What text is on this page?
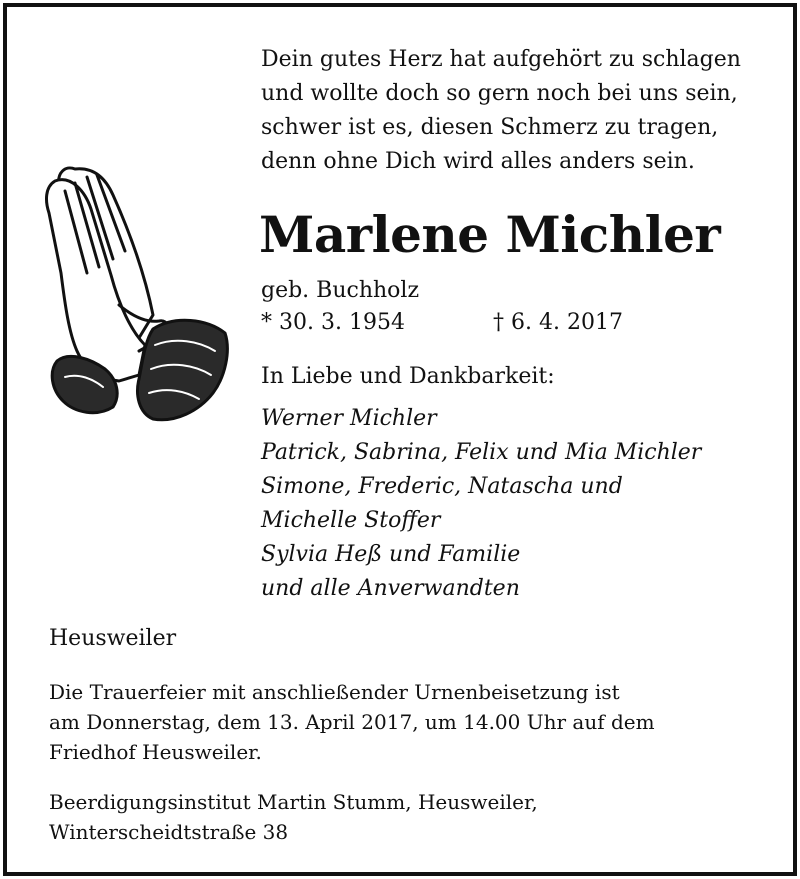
Dein gutes Herz hat aufgehört zu schlagen
und wollte doch so gern noch bei uns sein,
schwer ist es, diesen Schmerz zu tragen,
denn ohne Dich wird alles anders sein.
Marlene Michler
geb. Buchholz
* 30. 3. 1954	† 6. 4. 2017
In Liebe und Dankbarkeit:
Werner Michler
Patrick, Sabrina, Felix und Mia Michler
Simone, Frederic, Natascha und
Michelle Stoffer
Sylvia Heß und Familie
und alle Anverwandten
Heusweiler
Die Trauerfeier mit anschließender Urnenbeisetzung ist
am Donnerstag, dem 13. April 2017, um 14.00 Uhr auf dem
Friedhof Heusweiler.
Beerdigungsinstitut Martin Stumm, Heusweiler,
Winterscheidtstraße 38
